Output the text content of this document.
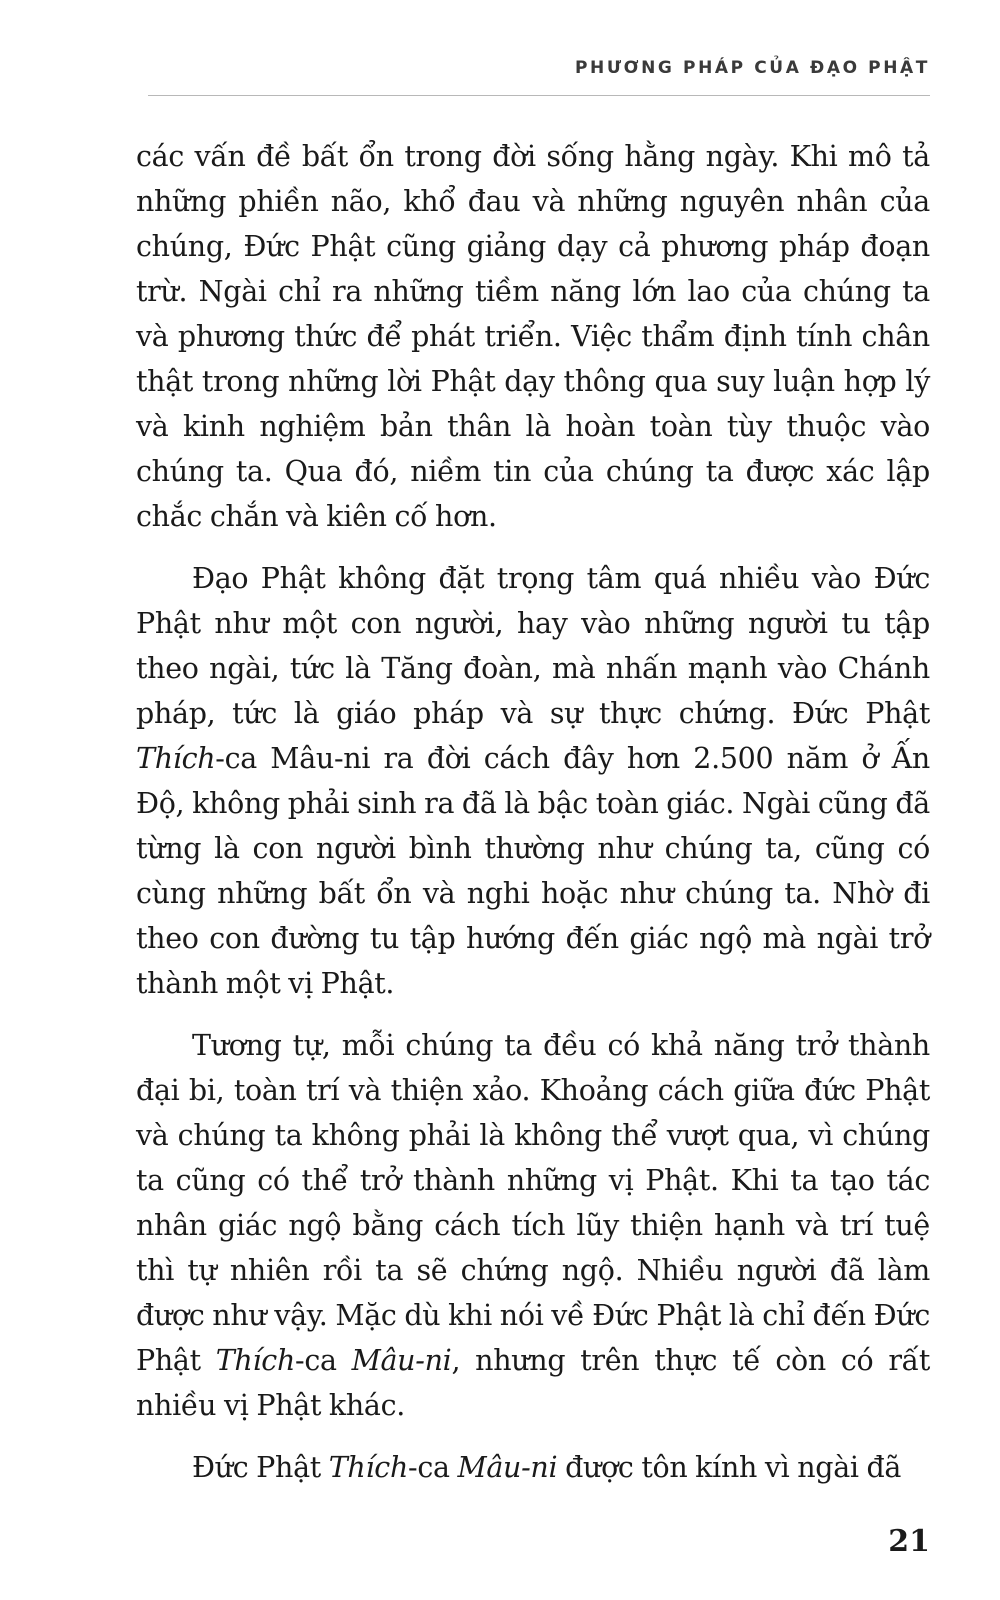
PHƯƠNG PHÁP CỦA ĐẠO PHẬT

các vấn đề bất ổn trong đời sống hằng ngày. Khi mô tả những phiền não, khổ đau và những nguyên nhân của chúng, Đức Phật cũng giảng dạy cả phương pháp đoạn trừ. Ngài chỉ ra những tiềm năng lớn lao của chúng ta và phương thức để phát triển. Việc thẩm định tính chân thật trong những lời Phật dạy thông qua suy luận hợp lý và kinh nghiệm bản thân là hoàn toàn tùy thuộc vào chúng ta. Qua đó, niềm tin của chúng ta được xác lập chắc chắn và kiên cố hơn.

Đạo Phật không đặt trọng tâm quá nhiều vào Đức Phật như một con người, hay vào những người tu tập theo ngài, tức là Tăng đoàn, mà nhấn mạnh vào Chánh pháp, tức là giáo pháp và sự thực chứng. Đức Phật Thích-ca Mâu-ni ra đời cách đây hơn 2.500 năm ở Ấn Độ, không phải sinh ra đã là bậc toàn giác. Ngài cũng đã từng là con người bình thường như chúng ta, cũng có cùng những bất ổn và nghi hoặc như chúng ta. Nhờ đi theo con đường tu tập hướng đến giác ngộ mà ngài trở thành một vị Phật.

Tương tự, mỗi chúng ta đều có khả năng trở thành đại bi, toàn trí và thiện xảo. Khoảng cách giữa đức Phật và chúng ta không phải là không thể vượt qua, vì chúng ta cũng có thể trở thành những vị Phật. Khi ta tạo tác nhân giác ngộ bằng cách tích lũy thiện hạnh và trí tuệ thì tự nhiên rồi ta sẽ chứng ngộ. Nhiều người đã làm được như vậy. Mặc dù khi nói về Đức Phật là chỉ đến Đức Phật Thích-ca Mâu-ni, nhưng trên thực tế còn có rất nhiều vị Phật khác.

Đức Phật Thích-ca Mâu-ni được tôn kính vì ngài đã

21
